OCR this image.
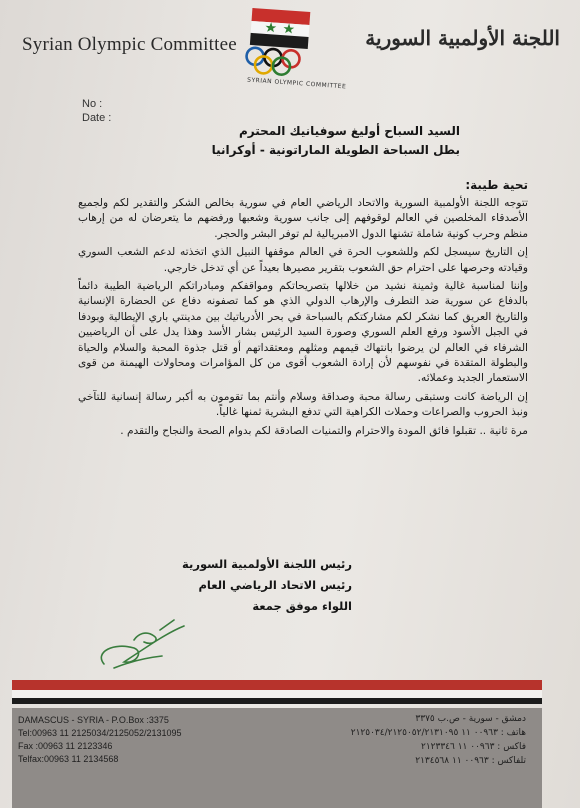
Syrian Olympic Committee	اللجنة الأولمبية السورية
SYRIAN OLYMPIC COMMITTEE
No :
Date :
السيد السباح أوليغ سوفيانيك المحترم
بطل السباحة الطويلة الماراتونية - أوكرانيا
تحية طيبة:

تتوجه اللجنة الأولمبية السورية والاتحاد الرياضي العام في سورية بخالص الشكر والتقدير لكم ولجميع الأصدقاء المخلصين في العالم لوقوفهم إلى جانب سورية وشعبها ورفضهم ما يتعرضان له من إرهاب منظم وحرب كونية شاملة تشنها الدول الامبريالية لم توفر البشر والحجر.

إن التاريخ سيسجل لكم وللشعوب الحرة في العالم موقفها النبيل الذي اتخذته لدعم الشعب السوري وقيادته وحرصها على احترام حق الشعوب بتقرير مصيرها بعيداً عن أي تدخل خارجي.

وإننا لمناسبة غالية وثمينة نشيد من خلالها بتصريحاتكم ومواقفكم ومبادراتكم الرياضية الطيبة دائماً بالدفاع عن سورية ضد التطرف والإرهاب الدولي الذي هو كما تصفونه دفاع عن الحضارة الإنسانية والتاريخ العريق كما نشكر لكم مشاركتكم بالسباحة في بحر الأدرياتيك بين مدينتي باري الإيطالية وبودفا في الجبل الأسود ورفع العلم السوري وصورة السيد الرئيس بشار الأسد وهذا يدل على أن الرياضيين الشرفاء في العالم لن يرضوا بانتهاك قيمهم ومثلهم ومعتقداتهم أو قتل جذوة المحبة والسلام والحياة والبطولة المتقدة في نفوسهم لأن إرادة الشعوب أقوى من كل المؤامرات ومحاولات الهيمنة من قوى الاستعمار الجديد وعملائه.

إن الرياضة كانت وستبقى رسالة محبة وصداقة وسلام وأنتم بما تقومون به أكبر رسالة إنسانية للتآخي ونبذ الحروب والصراعات وحملات الكراهية التي تدفع البشرية ثمنها غالياً.

مرة ثانية .. تقبلوا فائق المودة والاحترام والتمنيات الصادقة لكم بدوام الصحة والنجاح والتقدم .

رئيس اللجنة الأولمبية السورية
رئيس الاتحاد الرياضي العام
اللواء موفق جمعة
DAMASCUS - SYRIA - P.O.Box :3375
Tel:00963 11 2125034/2125052/2131095
Fax :00963 11 2123346
Telfax:00963 11 2134568
دمشق - سورية - ص.ب ٣٣٧٥
هاتف : ٠٠٩٦٣ ١١ ٢١٢٥٠٣٤/٢١٢٥٠٥٢/٢١٣١٠٩٥
فاكس : ٠٠٩٦٣ ١١ ٢١٢٣٣٤٦
تلفاكس : ٠٠٩٦٣ ١١ ٢١٣٤٥٦٨
